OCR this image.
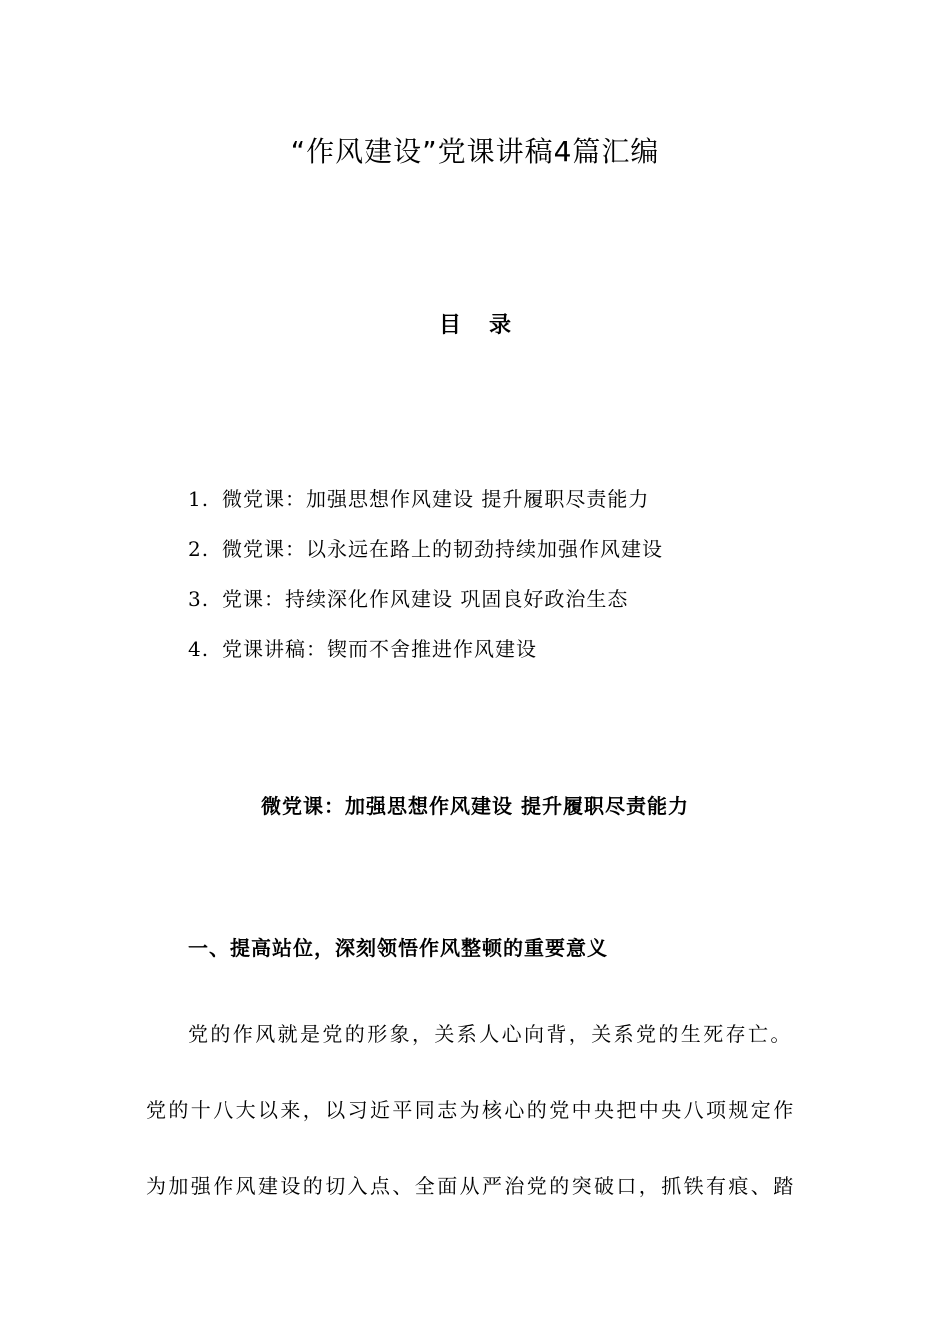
“作风建设”党课讲稿4篇汇编
目录
1. 微党课：加强思想作风建设 提升履职尽责能力
2. 微党课：以永远在路上的韧劲持续加强作风建设
3. 党课：持续深化作风建设 巩固良好政治生态
4. 党课讲稿：锲而不舍推进作风建设
微党课：加强思想作风建设 提升履职尽责能力
一、提高站位，深刻领悟作风整顿的重要意义
党的作风就是党的形象，关系人心向背，关系党的生死存亡。
党的十八大以来，以习近平同志为核心的党中央把中央八项规定作
为加强作风建设的切入点、全面从严治党的突破口，抓铁有痕、踏
